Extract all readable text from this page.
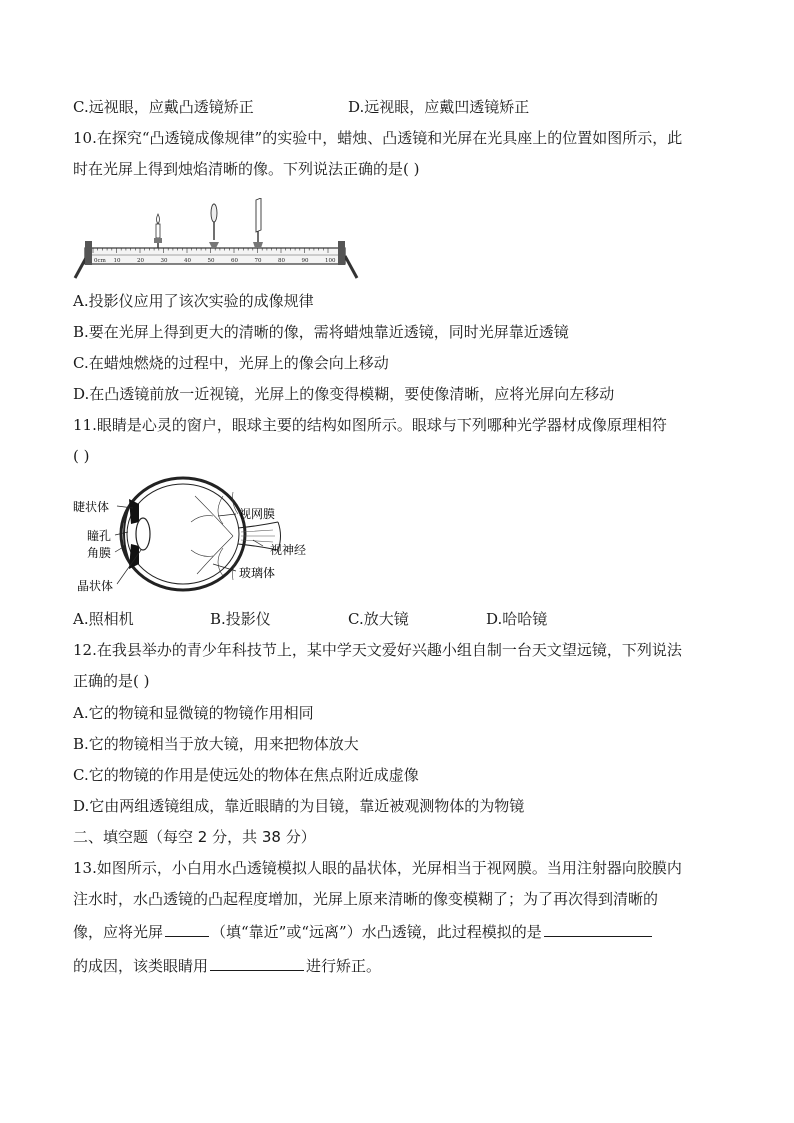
C.远视眼，应戴凸透镜矫正	D.远视眼，应戴凹透镜矫正
10.在探究“凸透镜成像规律”的实验中，蜡烛、凸透镜和光屏在光具座上的位置如图所示，此
时在光屏上得到烛焰清晰的像。下列说法正确的是( )
0cm 10	20	30	40	50	60	70	80	90	100
A.投影仪应用了该次实验的成像规律
B.要在光屏上得到更大的清晰的像，需将蜡烛靠近透镜，同时光屏靠近透镜
C.在蜡烛燃烧的过程中，光屏上的像会向上移动
D.在凸透镜前放一近视镜，光屏上的像变得模糊，要使像清晰，应将光屏向左移动
11.眼睛是心灵的窗户，眼球主要的结构如图所示。眼球与下列哪种光学器材成像原理相符
( )
睫状体
瞳孔
角膜
晶状体
视网膜
视神经
玻璃体
A.照相机	B.投影仪	C.放大镜	D.哈哈镜
12.在我县举办的青少年科技节上，某中学天文爱好兴趣小组自制一台天文望远镜，下列说法
正确的是( )
A.它的物镜和显微镜的物镜作用相同
B.它的物镜相当于放大镜，用来把物体放大
C.它的物镜的作用是使远处的物体在焦点附近成虚像
D.它由两组透镜组成，靠近眼睛的为目镜，靠近被观测物体的为物镜
二、填空题（每空 2 分，共 38 分）
13.如图所示，小白用水凸透镜模拟人眼的晶状体，光屏相当于视网膜。当用注射器向胶膜内
注水时，水凸透镜的凸起程度增加，光屏上原来清晰的像变模糊了；为了再次得到清晰的
像，应将光屏	（填“靠近”或“远离”）水凸透镜，此过程模拟的是
的成因，该类眼睛用	进行矫正。
